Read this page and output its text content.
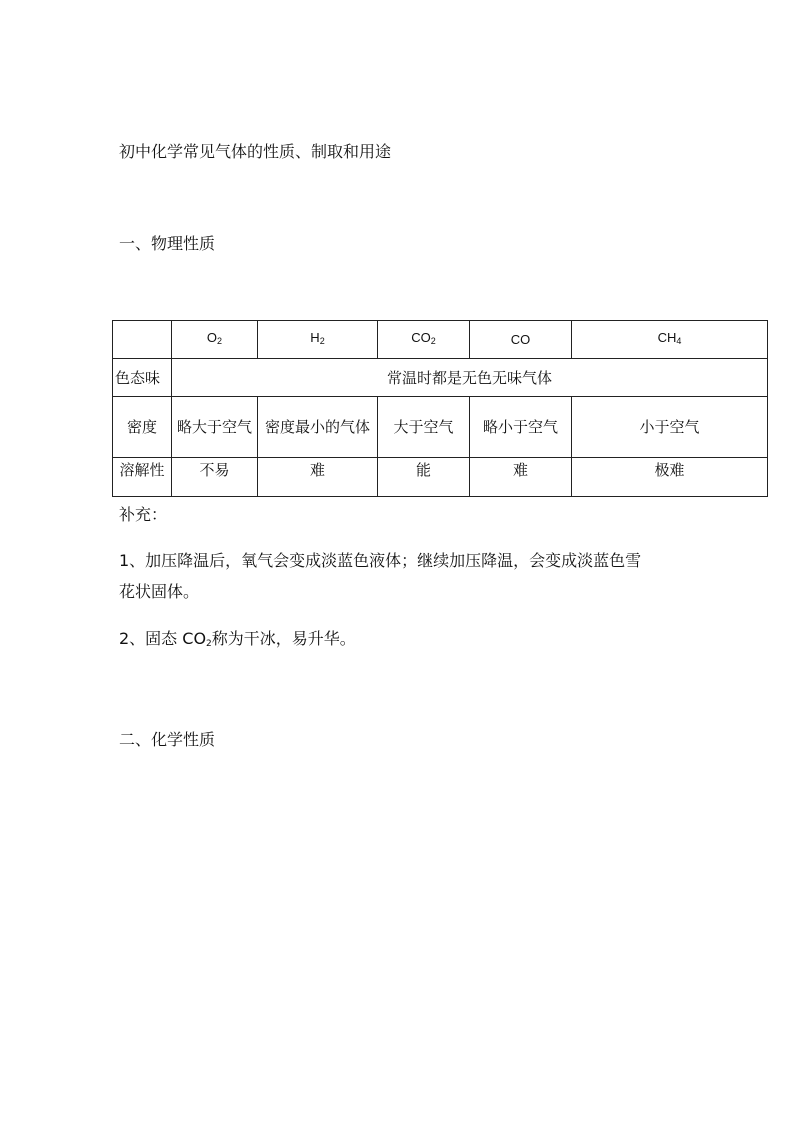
初中化学常见气体的性质、制取和用途
一、物理性质
	$O_2$	$H_2$	$CO_2$	CO	$CH_4$
色态味	常温时都是无色无味气体				
密度	略大于空气	密度最小的气体	大于空气	略小于空气	小于空气
溶解性	不易	难	能	难	极难
补充：
1、加压降温后，氧气会变成淡蓝色液体；继续加压降温，会变成淡蓝色雪
花状固体。
2、固态 $CO_2$称为干冰，易升华。
二、化学性质
